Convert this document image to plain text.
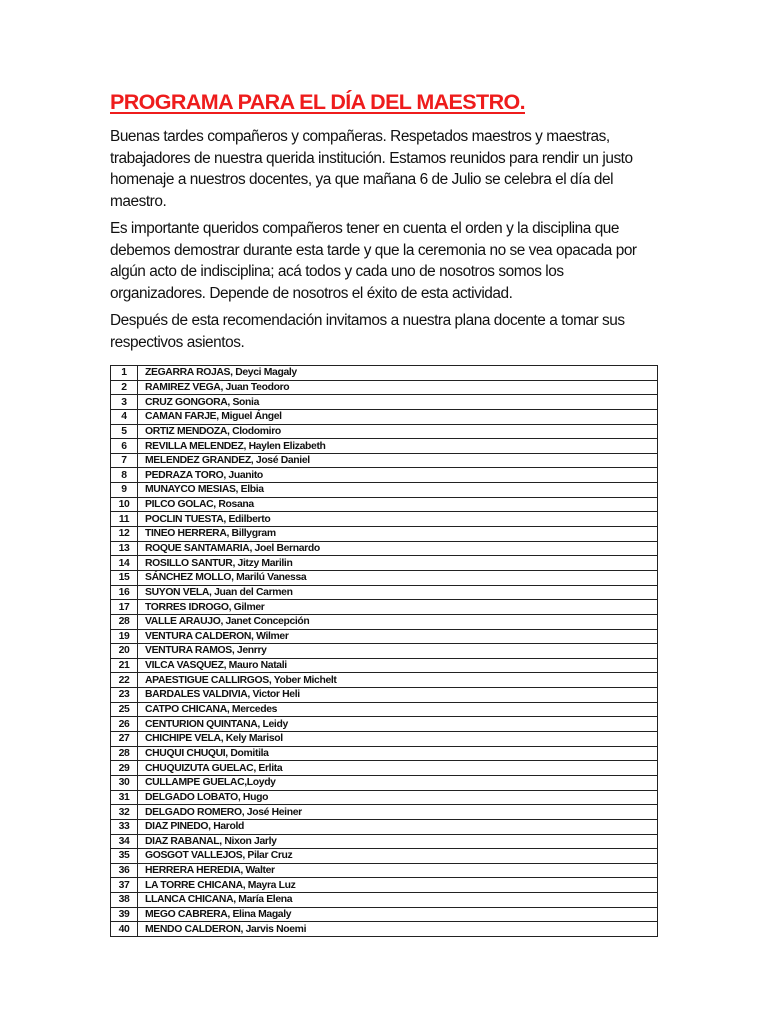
PROGRAMA PARA EL DÍA DEL MAESTRO.

Buenas tardes compañeros y compañeras. Respetados maestros y maestras, trabajadores de nuestra querida institución. Estamos reunidos para rendir un justo homenaje a nuestros docentes, ya que mañana 6 de Julio se celebra el día del maestro.

Es importante queridos compañeros tener en cuenta el orden y la disciplina que debemos demostrar durante esta tarde y que la ceremonia no se vea opacada por algún acto de indisciplina; acá todos y cada uno de nosotros somos los organizadores. Depende de nosotros el éxito de esta actividad.

Después de esta recomendación invitamos a nuestra plana docente a tomar sus respectivos asientos.

1	ZEGARRA ROJAS, Deyci Magaly
2	RAMIREZ VEGA, Juan Teodoro
3	CRUZ GONGORA, Sonia
4	CAMAN FARJE, Miguel Ángel
5	ORTIZ MENDOZA, Clodomiro
6	REVILLA MELENDEZ, Haylen Elizabeth
7	MELENDEZ GRANDEZ, José Daniel
8	PEDRAZA TORO, Juanito
9	MUNAYCO MESIAS, Elbia
10	PILCO GOLAC, Rosana
11	POCLIN TUESTA, Edilberto
12	TINEO HERRERA, Billygram
13	ROQUE SANTAMARIA, Joel Bernardo
14	ROSILLO SANTUR, Jitzy Marilin
15	SÁNCHEZ MOLLO, Marilú Vanessa
16	SUYON VELA, Juan del Carmen
17	TORRES IDROGO, Gilmer
28	VALLE ARAUJO, Janet Concepción
19	VENTURA CALDERON, Wilmer
20	VENTURA RAMOS, Jenrry
21	VILCA VASQUEZ, Mauro Natali
22	APAESTIGUE CALLIRGOS, Yober Michelt
23	BARDALES VALDIVIA, Victor Heli
25	CATPO CHICANA, Mercedes
26	CENTURION QUINTANA, Leidy
27	CHICHIPE VELA, Kely Marisol
28	CHUQUI CHUQUI, Domitila
29	CHUQUIZUTA GUELAC, Erlita
30	CULLAMPE GUELAC,Loydy
31	DELGADO LOBATO, Hugo
32	DELGADO ROMERO, José Heiner
33	DIAZ PINEDO, Harold
34	DIAZ RABANAL, Nixon Jarly
35	GOSGOT VALLEJOS, Pilar Cruz
36	HERRERA HEREDIA, Walter
37	LA TORRE CHICANA, Mayra Luz
38	LLANCA CHICANA, María Elena
39	MEGO CABRERA, Elina Magaly
40	MENDO CALDERON, Jarvis Noemi
